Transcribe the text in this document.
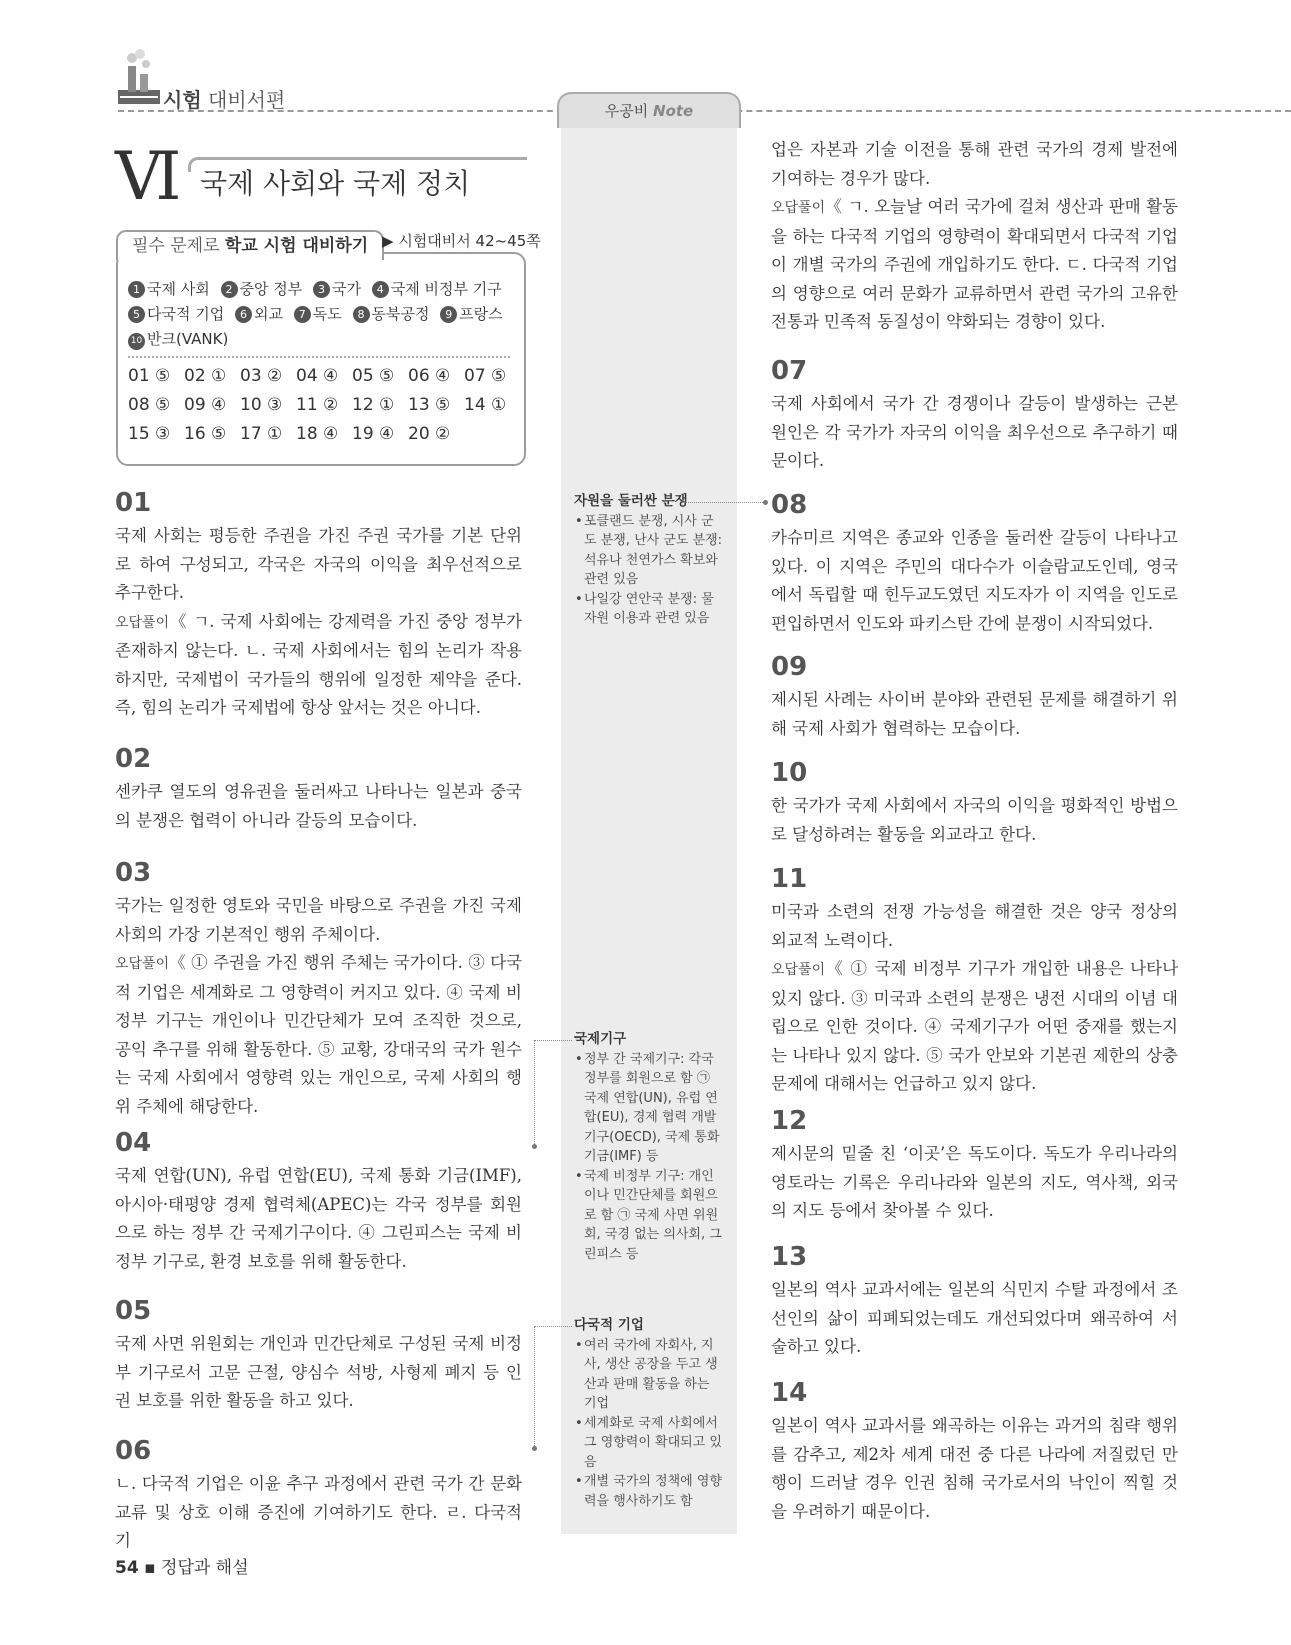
시험 대비서편	우공비 Note
Ⅵ 국제 사회와 국제 정치
필수 문제로 학교 시험 대비하기 ▶ 시험대비서 42~45쪽
1 국제 사회 2 중앙 정부 3 국가 4 국제 비정부 기구
5 다국적 기업 6 외교 7 독도 8 동북공정 9 프랑스
10 반크(VANK)
01 ⑤ 02 ① 03 ② 04 ④ 05 ⑤ 06 ④ 07 ⑤
08 ⑤ 09 ④ 10 ③ 11 ② 12 ① 13 ⑤ 14 ①
15 ③ 16 ⑤ 17 ① 18 ④ 19 ④ 20 ②
01
국제 사회는 평등한 주권을 가진 주권 국가를 기본 단위로 하여 구성되고, 각국은 자국의 이익을 최우선적으로 추구한다.
오답풀이《 ㄱ. 국제 사회에는 강제력을 가진 중앙 정부가 존재하지 않는다. ㄴ. 국제 사회에서는 힘의 논리가 작용하지만, 국제법이 국가들의 행위에 일정한 제약을 준다. 즉, 힘의 논리가 국제법에 항상 앞서는 것은 아니다.
02
센카쿠 열도의 영유권을 둘러싸고 나타나는 일본과 중국의 분쟁은 협력이 아니라 갈등의 모습이다.
03
국가는 일정한 영토와 국민을 바탕으로 주권을 가진 국제 사회의 가장 기본적인 행위 주체이다.
오답풀이《 ① 주권을 가진 행위 주체는 국가이다. ③ 다국적 기업은 세계화로 그 영향력이 커지고 있다. ④ 국제 비정부 기구는 개인이나 민간단체가 모여 조직한 것으로, 공익 추구를 위해 활동한다. ⑤ 교황, 강대국의 국가 원수는 국제 사회에서 영향력 있는 개인으로, 국제 사회의 행위 주체에 해당한다.
04
국제 연합(UN), 유럽 연합(EU), 국제 통화 기금(IMF), 아시아·태평양 경제 협력체(APEC)는 각국 정부를 회원으로 하는 정부 간 국제기구이다. ④ 그린피스는 국제 비정부 기구로, 환경 보호를 위해 활동한다.
05
국제 사면 위원회는 개인과 민간단체로 구성된 국제 비정부 기구로서 고문 근절, 양심수 석방, 사형제 폐지 등 인권 보호를 위한 활동을 하고 있다.
06
ㄴ. 다국적 기업은 이윤 추구 과정에서 관련 국가 간 문화 교류 및 상호 이해 증진에 기여하기도 한다. ㄹ. 다국적 기
업은 자본과 기술 이전을 통해 관련 국가의 경제 발전에 기여하는 경우가 많다.
오답풀이《 ㄱ. 오늘날 여러 국가에 걸쳐 생산과 판매 활동을 하는 다국적 기업의 영향력이 확대되면서 다국적 기업이 개별 국가의 주권에 개입하기도 한다. ㄷ. 다국적 기업의 영향으로 여러 문화가 교류하면서 관련 국가의 고유한 전통과 민족적 동질성이 약화되는 경향이 있다.
07
국제 사회에서 국가 간 경쟁이나 갈등이 발생하는 근본 원인은 각 국가가 자국의 이익을 최우선으로 추구하기 때문이다.
08
카슈미르 지역은 종교와 인종을 둘러싼 갈등이 나타나고 있다. 이 지역은 주민의 대다수가 이슬람교도인데, 영국에서 독립할 때 힌두교도였던 지도자가 이 지역을 인도로 편입하면서 인도와 파키스탄 간에 분쟁이 시작되었다.
09
제시된 사례는 사이버 분야와 관련된 문제를 해결하기 위해 국제 사회가 협력하는 모습이다.
10
한 국가가 국제 사회에서 자국의 이익을 평화적인 방법으로 달성하려는 활동을 외교라고 한다.
11
미국과 소련의 전쟁 가능성을 해결한 것은 양국 정상의 외교적 노력이다.
오답풀이《 ① 국제 비정부 기구가 개입한 내용은 나타나 있지 않다. ③ 미국과 소련의 분쟁은 냉전 시대의 이념 대립으로 인한 것이다. ④ 국제기구가 어떤 중재를 했는지는 나타나 있지 않다. ⑤ 국가 안보와 기본권 제한의 상충 문제에 대해서는 언급하고 있지 않다.
12
제시문의 밑줄 친 ‘이곳’은 독도이다. 독도가 우리나라의 영토라는 기록은 우리나라와 일본의 지도, 역사책, 외국의 지도 등에서 찾아볼 수 있다.
13
일본의 역사 교과서에는 일본의 식민지 수탈 과정에서 조선인의 삶이 피폐되었는데도 개선되었다며 왜곡하여 서술하고 있다.
14
일본이 역사 교과서를 왜곡하는 이유는 과거의 침략 행위를 감추고, 제2차 세계 대전 중 다른 나라에 저질렀던 만행이 드러날 경우 인권 침해 국가로서의 낙인이 찍힐 것을 우려하기 때문이다.
자원을 둘러싼 분쟁
• 포클랜드 분쟁, 시사 군도 분쟁, 난사 군도 분쟁: 석유나 천연가스 확보와 관련 있음
• 나일강 연안국 분쟁: 물 자원 이용과 관련 있음
국제기구
• 정부 간 국제기구: 각국 정부를 회원으로 함 ㉠ 국제 연합(UN), 유럽 연합(EU), 경제 협력 개발 기구(OECD), 국제 통화 기금(IMF) 등
• 국제 비정부 기구: 개인이나 민간단체를 회원으로 함 ㉠ 국제 사면 위원회, 국경 없는 의사회, 그린피스 등
다국적 기업
• 여러 국가에 자회사, 지사, 생산 공장을 두고 생산과 판매 활동을 하는 기업
• 세계화로 국제 사회에서 그 영향력이 확대되고 있음
• 개별 국가의 정책에 영향력을 행사하기도 함
54 ▪ 정답과 해설
